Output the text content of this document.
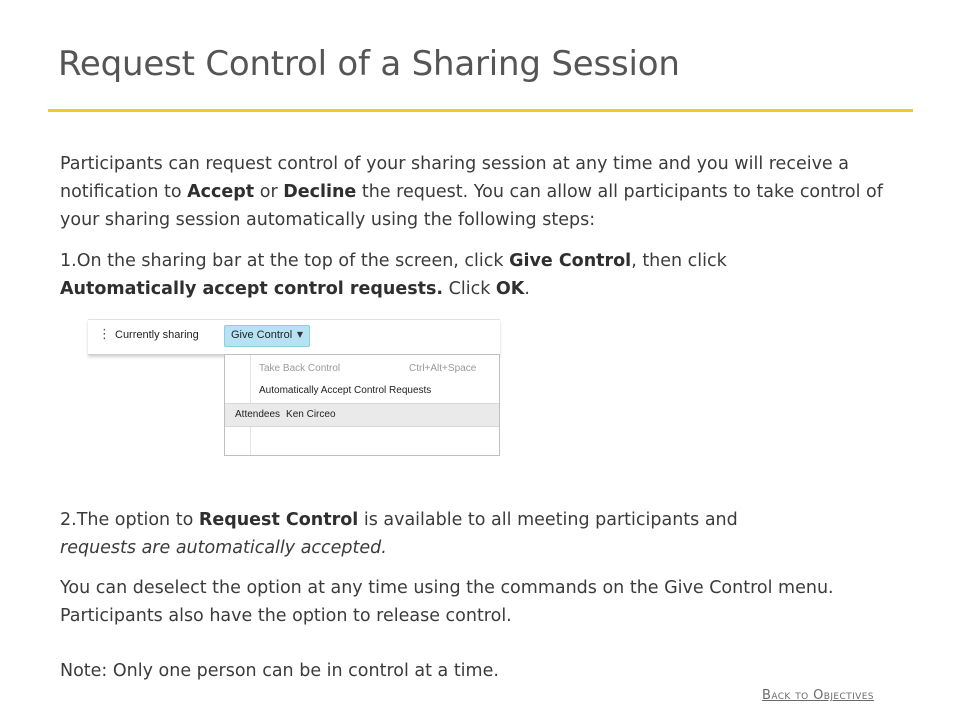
Request Control of a Sharing Session
Participants can request control of your sharing session at any time and you will receive a notification to Accept or Decline the request. You can allow all participants to take control of your sharing session automatically using the following steps:
1.On the sharing bar at the top of the screen, click Give Control, then click
Automatically accept control requests. Click OK.
⋮ Currently sharing	Give Control ▼
Take Back Control	Ctrl+Alt+Space
Automatically Accept Control Requests
Attendees Ken Circeo
2.The option to Request Control is available to all meeting participants and
requests are automatically accepted.
You can deselect the option at any time using the commands on the Give Control menu.
Participants also have the option to release control.
Note: Only one person can be in control at a time.
Back to Objectives
